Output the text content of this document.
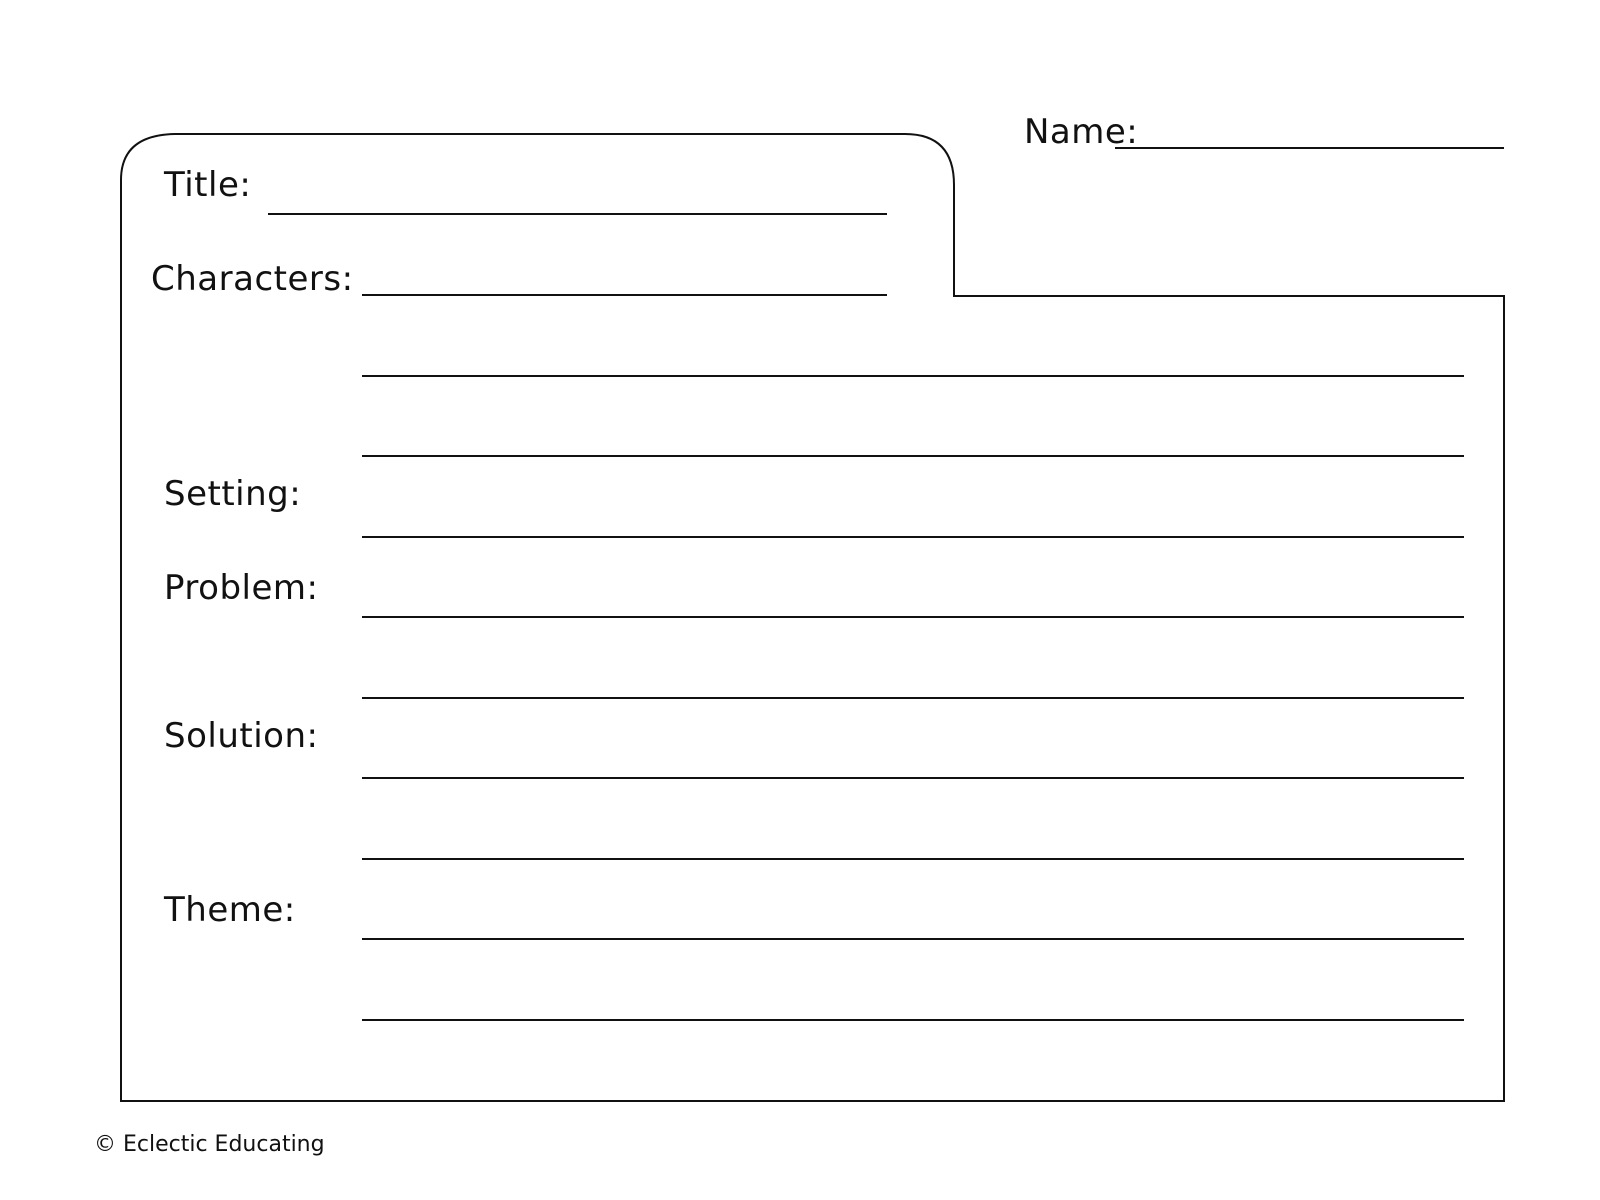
Name:
Title:
Characters:
Setting:
Problem:
Solution:
Theme:
© Eclectic Educating
